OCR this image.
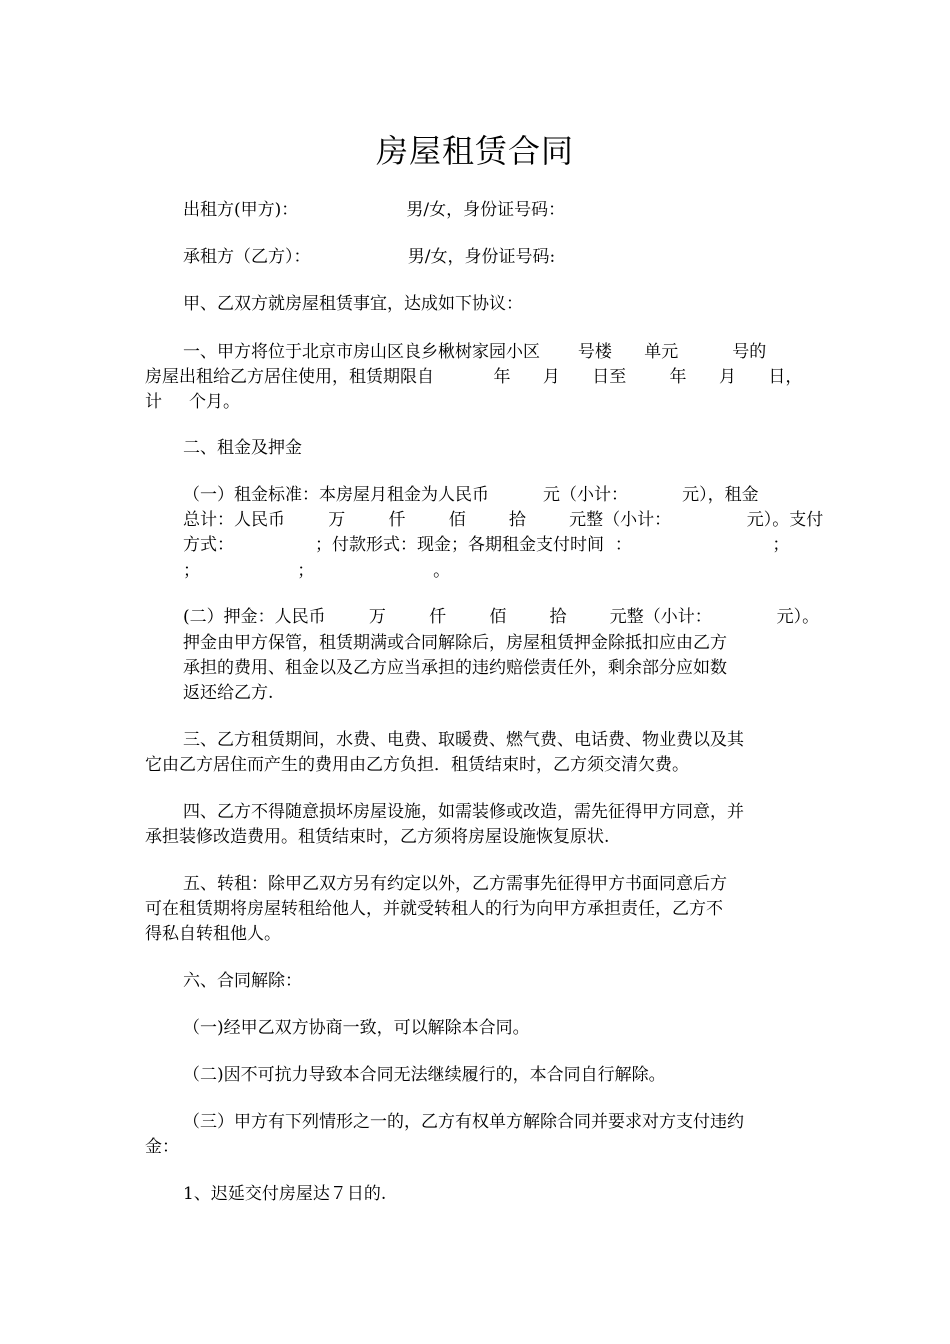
房屋租赁合同
出租方(甲方)：                    男/女，身份证号码：
承租方（乙方）：                  男/女，身份证号码:
甲、乙双方就房屋租赁事宜，达成如下协议：
一、甲方将位于北京市房山区良乡楸树家园小区       号楼      单元          号的
房屋出租给乙方居住使用，租赁期限自           年      月      日至        年      月      日，
计     个月。
二、租金及押金
（一）租金标准：本房屋月租金为人民币          元（小计：          元），租金
总计：人民币        万        仟        佰        拾        元整（小计：              元）。支付
方式：               ；付款形式：现金；各期租金支付时间  ：                          ；
；                  ；                      。
(二）押金：人民币        万        仟        佰        拾        元整（小计：            元）。
押金由甲方保管，租赁期满或合同解除后，房屋租赁押金除抵扣应由乙方
承担的费用、租金以及乙方应当承担的违约赔偿责任外，剩余部分应如数
返还给乙方.
三、乙方租赁期间，水费、电费、取暖费、燃气费、电话费、物业费以及其
它由乙方居住而产生的费用由乙方负担．租赁结束时，乙方须交清欠费。
四、乙方不得随意损坏房屋设施，如需装修或改造，需先征得甲方同意，并
承担装修改造费用。租赁结束时，乙方须将房屋设施恢复原状.
五、转租：除甲乙双方另有约定以外，乙方需事先征得甲方书面同意后方
可在租赁期将房屋转租给他人，并就受转租人的行为向甲方承担责任，乙方不
得私自转租他人。
六、合同解除：
（一)经甲乙双方协商一致，可以解除本合同。
（二)因不可抗力导致本合同无法继续履行的，本合同自行解除。
（三）甲方有下列情形之一的，乙方有权单方解除合同并要求对方支付违约
金：
1、迟延交付房屋达７日的.
